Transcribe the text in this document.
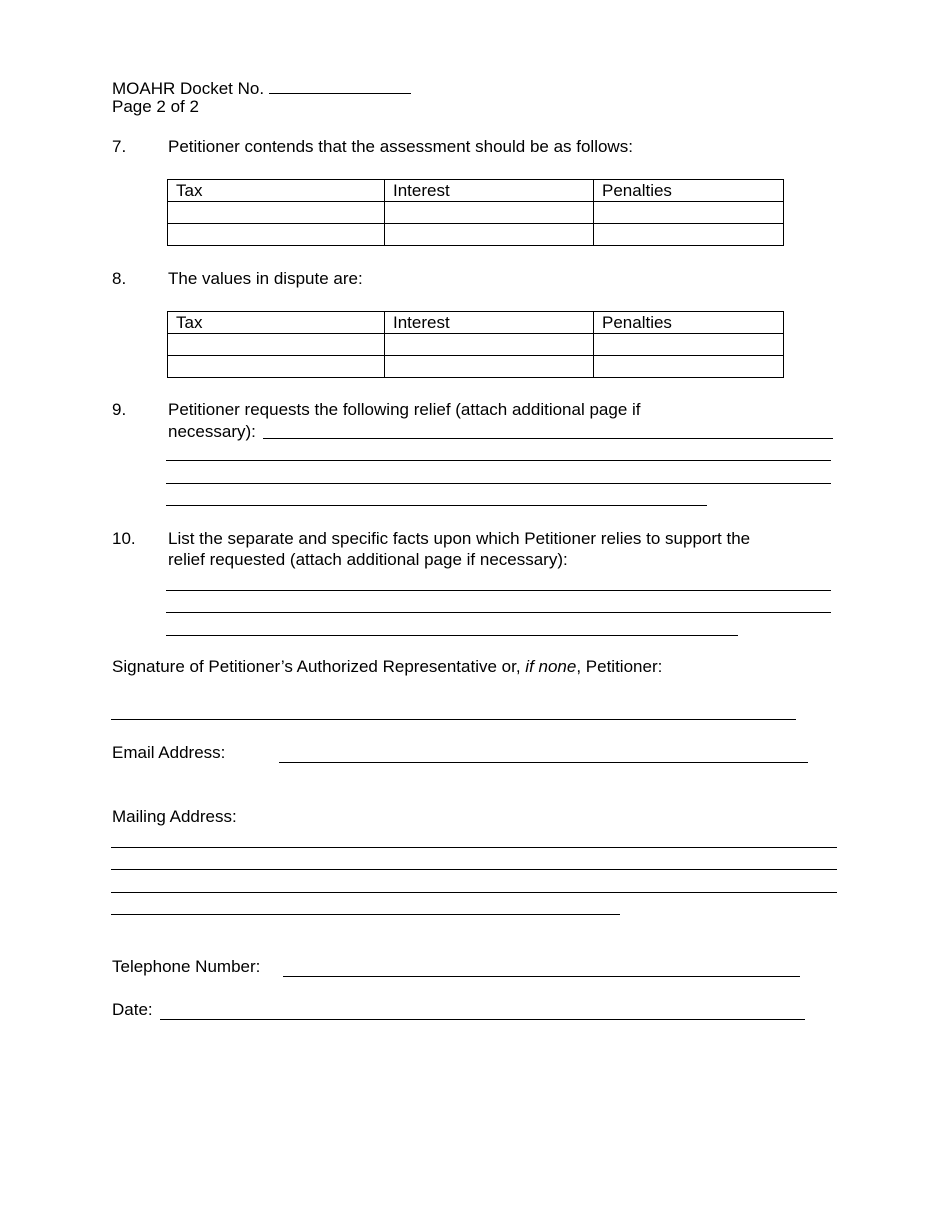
MOAHR Docket No.
Page 2 of 2
7. Petitioner contends that the assessment should be as follows:
Tax	Interest	Penalties

8. The values in dispute are:
Tax	Interest	Penalties

9. Petitioner requests the following relief (attach additional page if
necessary):
10. List the separate and specific facts upon which Petitioner relies to support the
relief requested (attach additional page if necessary):
Signature of Petitioner’s Authorized Representative or, if none, Petitioner:
Email Address:
Mailing Address:
Telephone Number:
Date:
